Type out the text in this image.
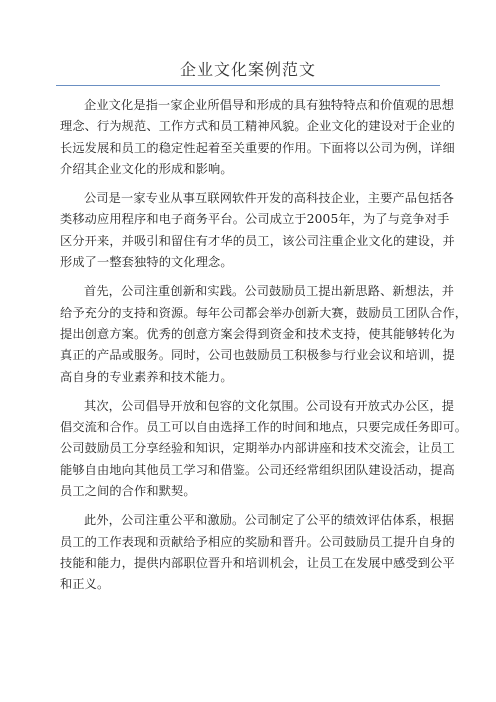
企业文化案例范文

企业文化是指一家企业所倡导和形成的具有独特特点和价值观的思想
理念、行为规范、工作方式和员工精神风貌。企业文化的建设对于企业的
长远发展和员工的稳定性起着至关重要的作用。下面将以公司为例，详细
介绍其企业文化的形成和影响。

公司是一家专业从事互联网软件开发的高科技企业，主要产品包括各
类移动应用程序和电子商务平台。公司成立于2005年，为了与竞争对手
区分开来，并吸引和留住有才华的员工，该公司注重企业文化的建设，并
形成了一整套独特的文化理念。

首先，公司注重创新和实践。公司鼓励员工提出新思路、新想法，并
给予充分的支持和资源。每年公司都会举办创新大赛，鼓励员工团队合作，
提出创意方案。优秀的创意方案会得到资金和技术支持，使其能够转化为
真正的产品或服务。同时，公司也鼓励员工积极参与行业会议和培训，提
高自身的专业素养和技术能力。

其次，公司倡导开放和包容的文化氛围。公司设有开放式办公区，提
倡交流和合作。员工可以自由选择工作的时间和地点，只要完成任务即可。
公司鼓励员工分享经验和知识，定期举办内部讲座和技术交流会，让员工
能够自由地向其他员工学习和借鉴。公司还经常组织团队建设活动，提高
员工之间的合作和默契。

此外，公司注重公平和激励。公司制定了公平的绩效评估体系，根据
员工的工作表现和贡献给予相应的奖励和晋升。公司鼓励员工提升自身的
技能和能力，提供内部职位晋升和培训机会，让员工在发展中感受到公平
和正义。
